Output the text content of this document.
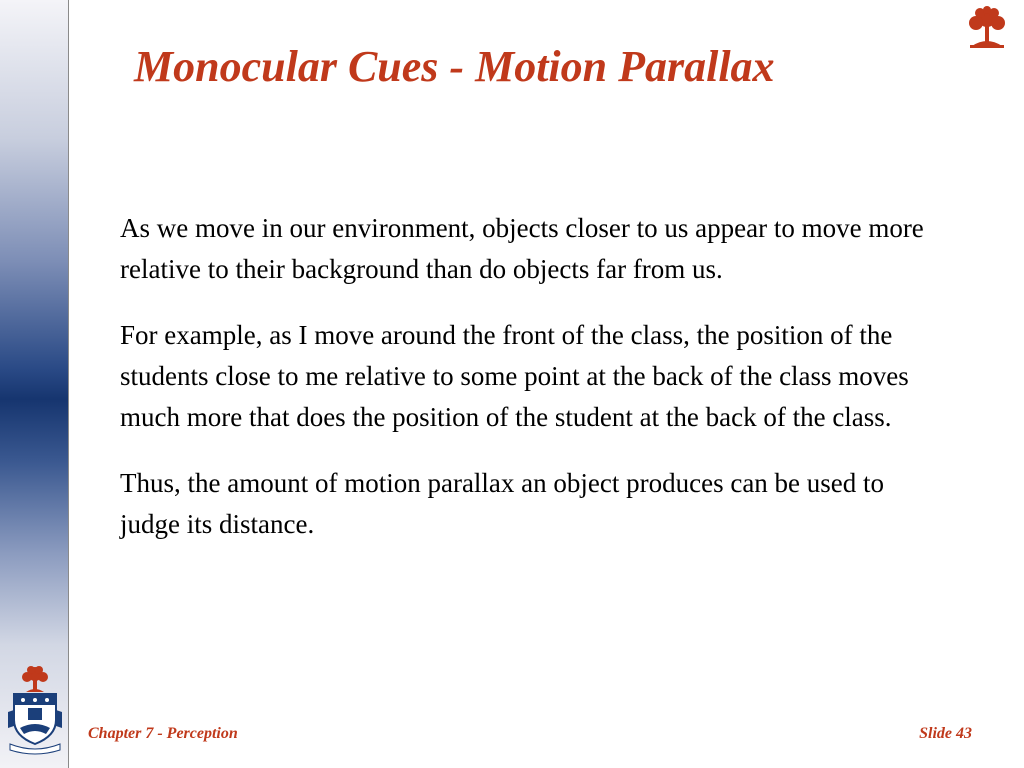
Monocular Cues - Motion Parallax

As we move in our environment, objects closer to us appear to move more relative to their background than do objects far from us.

For example, as I move around the front of the class, the position of the students close to me relative to some point at the back of the class moves much more that does the position of the student at the back of the class.

Thus, the amount of motion parallax an object produces can be used to judge its distance.

Chapter 7 - Perception	Slide 43
